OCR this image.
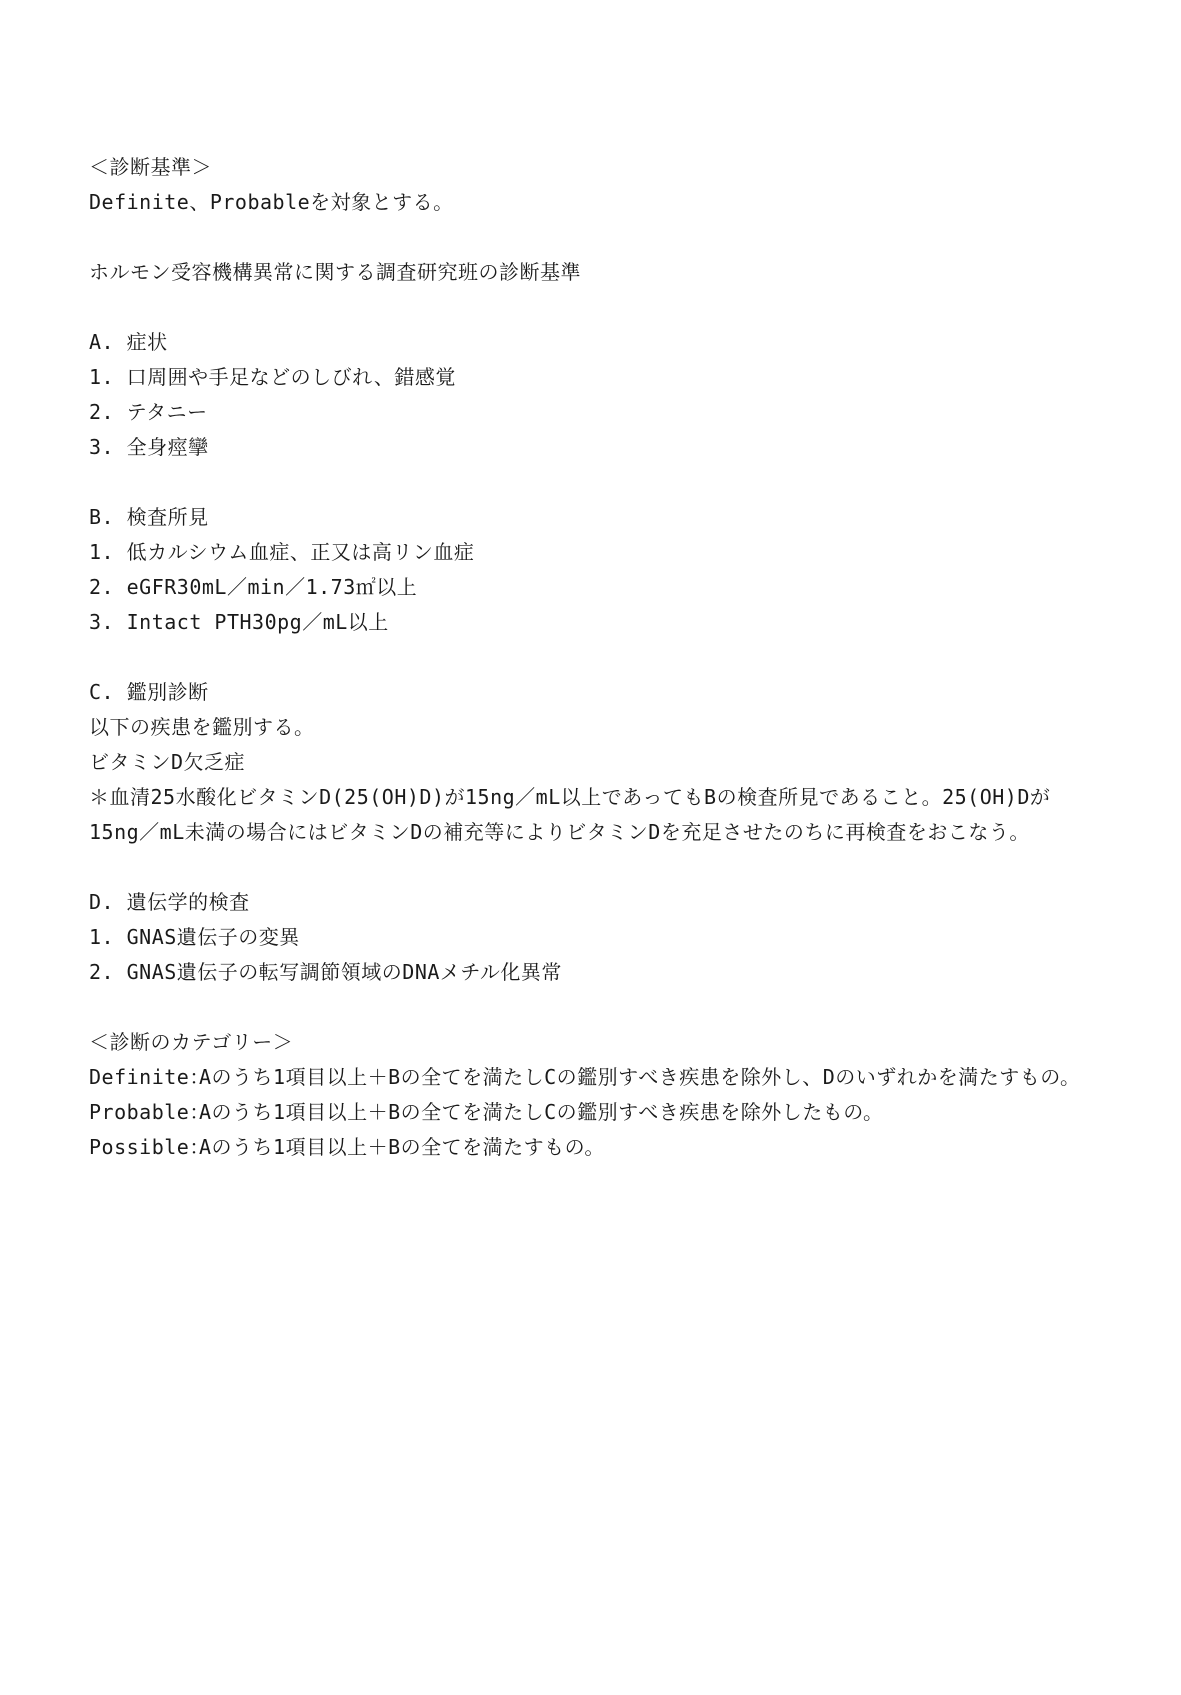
＜診断基準＞
Definite、Probableを対象とする。
ホルモン受容機構異常に関する調査研究班の診断基準
A. 症状
1. 口周囲や手足などのしびれ、錯感覚
2. テタニー
3. 全身痙攣
B. 検査所見
1. 低カルシウム血症、正又は高リン血症
2. eGFR30mL／min／1.73㎡以上
3. Intact PTH30pg／mL以上
C. 鑑別診断
以下の疾患を鑑別する。
ビタミンD欠乏症
＊血清25水酸化ビタミンD(25(OH)D)が15ng／mL以上であってもBの検査所見であること。25(OH)Dが15ng／mL未満の場合にはビタミンDの補充等によりビタミンDを充足させたのちに再検査をおこなう。
D. 遺伝学的検査
1. GNAS遺伝子の変異
2. GNAS遺伝子の転写調節領域のDNAメチル化異常
＜診断のカテゴリー＞
Definite：
Aのうち1項目以上＋Bの全てを満たしCの鑑別すべき疾患を除外し、Dのいずれかを満たすもの。
Probable：
Aのうち1項目以上＋Bの全てを満たしCの鑑別すべき疾患を除外したもの。
Possible：
Aのうち1項目以上＋Bの全てを満たすもの。
